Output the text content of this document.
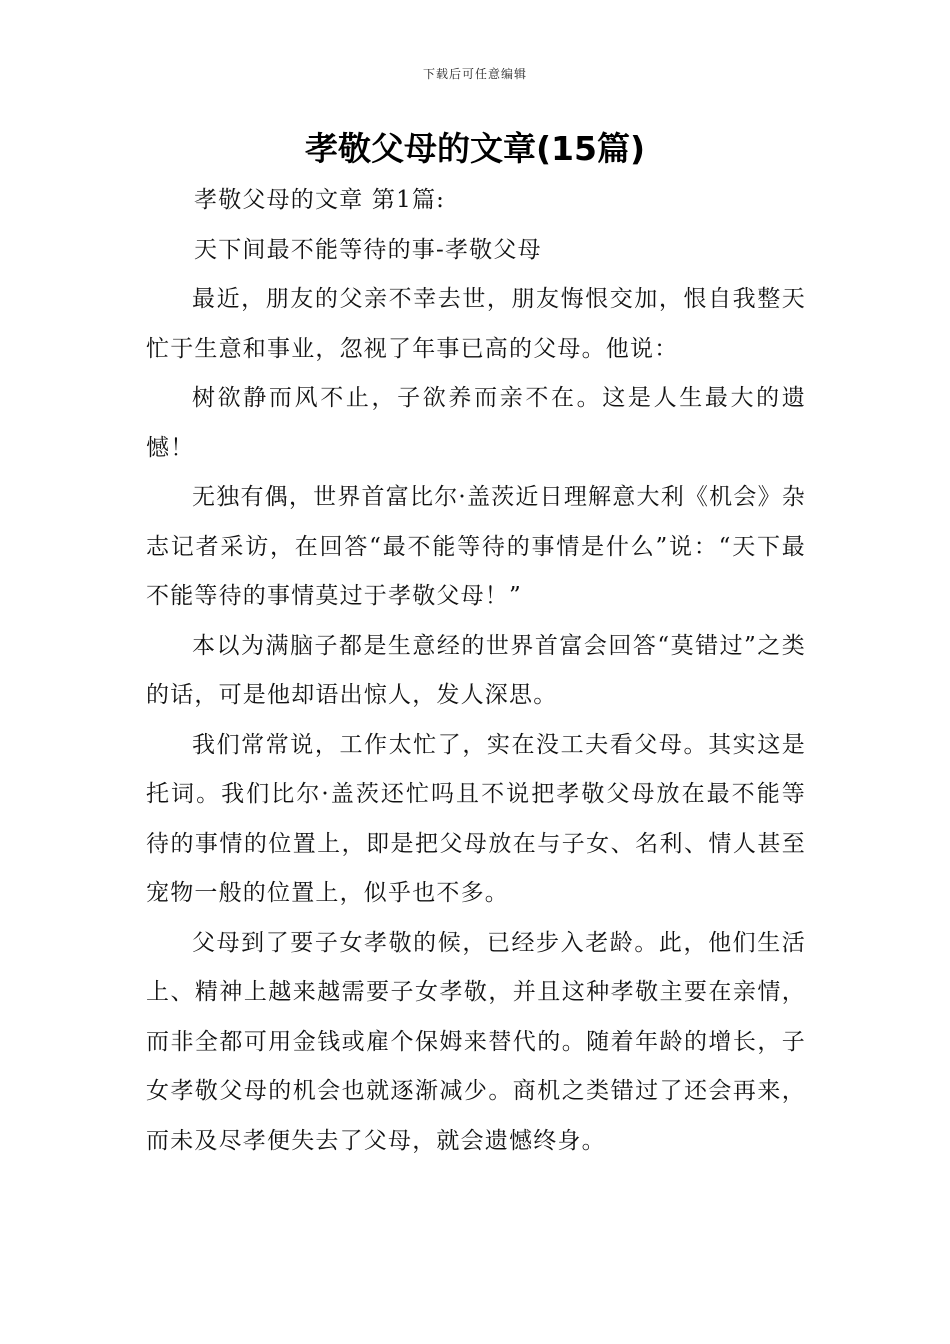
下载后可任意编辑
孝敬父母的文章(15篇)

孝敬父母的文章 第1篇:

天下间最不能等待的事-孝敬父母

最近，朋友的父亲不幸去世，朋友悔恨交加，恨自我整天忙于生意和事业，忽视了年事已高的父母。他说：

树欲静而风不止，子欲养而亲不在。这是人生最大的遗憾！

无独有偶，世界首富比尔·盖茨近日理解意大利《机会》杂志记者采访，在回答“最不能等待的事情是什么”说：“天下最不能等待的事情莫过于孝敬父母！”

本以为满脑子都是生意经的世界首富会回答“莫错过”之类的话，可是他却语出惊人，发人深思。

我们常常说，工作太忙了，实在没工夫看父母。其实这是托词。我们比尔·盖茨还忙吗且不说把孝敬父母放在最不能等待的事情的位置上，即是把父母放在与子女、名利、情人甚至宠物一般的位置上，似乎也不多。

父母到了要子女孝敬的候，已经步入老龄。此，他们生活上、精神上越来越需要子女孝敬，并且这种孝敬主要在亲情，而非全都可用金钱或雇个保姆来替代的。随着年龄的增长，子女孝敬父母的机会也就逐渐减少。商机之类错过了还会再来，而未及尽孝便失去了父母，就会遗憾终身。
